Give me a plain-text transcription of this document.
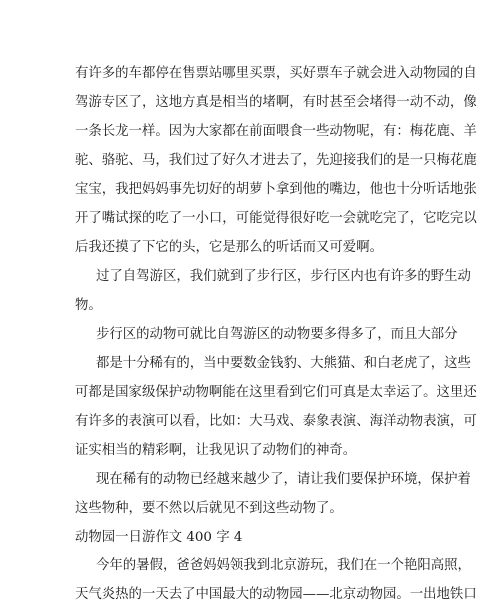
有许多的车都停在售票站哪里买票，买好票车子就会进入动物园的自
驾游专区了，这地方真是相当的堵啊，有时甚至会堵得一动不动，像
一条长龙一样。因为大家都在前面喂食一些动物呢，有：梅花鹿、羊
驼、骆驼、马，我们过了好久才进去了，先迎接我们的是一只梅花鹿
宝宝，我把妈妈事先切好的胡萝卜拿到他的嘴边，他也十分听话地张
开了嘴试探的吃了一小口，可能觉得很好吃一会就吃完了，它吃完以
后我还摸了下它的头，它是那么的听话而又可爱啊。
过了自驾游区，我们就到了步行区，步行区内也有许多的野生动
物。
步行区的动物可就比自驾游区的动物要多得多了，而且大部分
都是十分稀有的，当中要数金钱豹、大熊猫、和白老虎了，这些
可都是国家级保护动物啊能在这里看到它们可真是太幸运了。这里还
有许多的表演可以看，比如：大马戏、泰象表演、海洋动物表演，可
证实相当的精彩啊，让我见识了动物们的神奇。
现在稀有的动物已经越来越少了，请让我们要保护环境，保护着
这些物种，要不然以后就见不到这些动物了。
动物园一日游作文 400 字 4
今年的暑假，爸爸妈妈领我到北京游玩，我们在一个艳阳高照，
天气炎热的一天去了中国最大的动物园——北京动物园。一出地铁口
